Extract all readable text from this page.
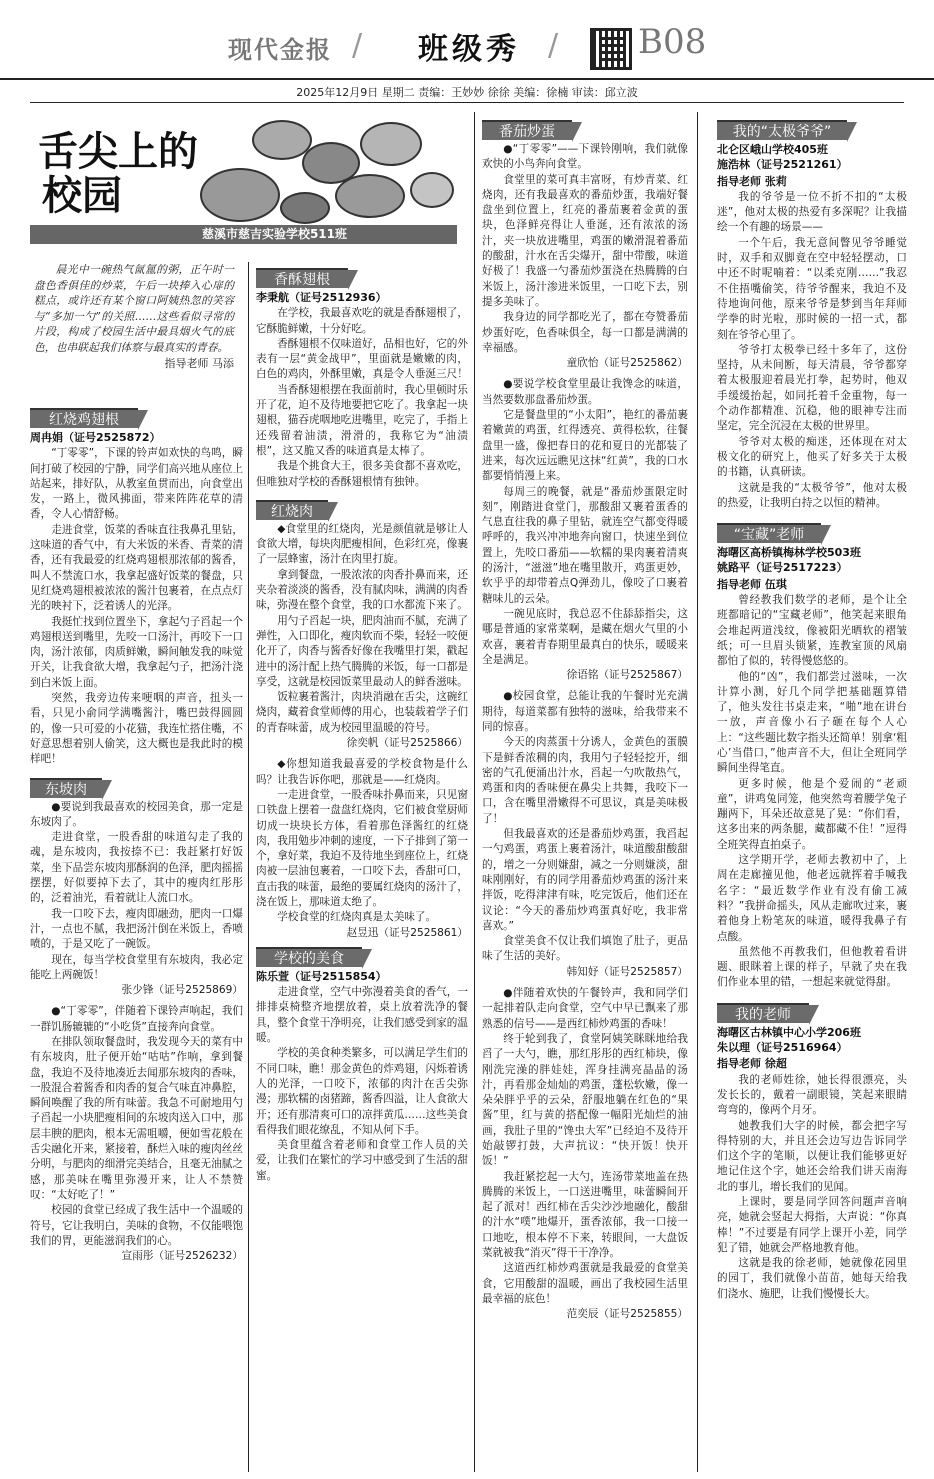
现代金报 / 班级秀 / B08
2025年12月9日 星期二 责编：王妙妙 徐徐 美编：徐楠 审读：邱立波
舌尖上的
校园
慈溪市慈吉实验学校511班
晨光中一碗热气氤氲的粥，正午时一盘色香俱佳的炒菜，午后一块捧入心扉的糕点，或许还有某个窗口阿姨热忽的笑容与“多加一勺”的关照……这些看似寻常的片段，构成了校园生活中最具烟火气的底色，也串联起我们体察与最真实的青春。
指导老师 马添
红烧鸡翅根
周冉娟（证号2525872）

“丁零零”，下课的铃声如欢快的鸟鸣，瞬间打破了校园的宁静，同学们高兴地从座位上站起来，排好队，从教室鱼贯而出，向食堂出发，一路上，微风拂面，带来阵阵花草的清香，令人心情舒畅。

走进食堂，饭菜的香味直往我鼻孔里钻，这味道的香气中，有大米饭的米香、青菜的清香，还有我最爱的红烧鸡翅根那浓郁的酱香，叫人不禁流口水，我拿起盛好饭菜的餐盘，只见红烧鸡翅根被浓浓的酱汁包裹着，在点点灯光的映衬下，泛着诱人的光泽。

我挺忙找到位置坐下，拿起勺子舀起一个鸡翅根送到嘴里，先咬一口汤汁，再咬下一口肉，汤汁浓郁，肉质鲜嫩，瞬间触发我的味觉开关，让我食欲大增，我拿起勺子，把汤汁浇到白米饭上面。

突然，我旁边传来哽咽的声音，扭头一看，只见小俞同学满嘴酱汁，嘴巴鼓得圆圆的，像一只可爱的小花猫，我连忙搭住嘴，不好意思想着别人偷笑，这大概也是我此时的模样吧！

东坡肉

●要说到我最喜欢的校园美食，那一定是东坡肉了。

走进食堂，一股香甜的味道勾走了我的魂，是东坡肉，我按捺不已：我赶紧打好饭菜，坐下品尝东坡肉那酥润的色泽，肥肉摇摇摆摆，好似要掉下去了，其中的瘦肉红彤彤的，泛着油光，看着就让人流口水。

我一口咬下去，瘦肉即融劲，肥肉一口爆汁，一点也不腻，我把汤汁倒在米饭上，香喷喷的，于是又吃了一碗饭。

现在，每当学校食堂里有东坡肉，我必定能吃上两碗饭！

张少锋（证号2525869）

●“丁零零”，伴随着下课铃声响起，我们一群饥肠辘辘的“小吃货”直接奔向食堂。

在排队领取餐盘时，我发现今天的菜有中有东坡肉，肚子便开始“咕咕”作响，拿到餐盘，我迫不及待地凑近去闻那东坡肉的香味，一股混合着酱香和肉香的复合气味直冲鼻腔，瞬间唤醒了我的所有味蕾。我急不可耐地用勺子舀起一小块肥瘦相间的东坡肉送入口中，那层丰腴的肥肉，根本无需咀嚼，便如雪花般在舌尖融化开来，紧接着，酥烂入味的瘦肉丝丝分明，与肥肉的细滑完美结合，且毫无油腻之感，那美味在嘴里弥漫开来，让人不禁赞叹：“太好吃了！”

校园的食堂已经成了我生活中一个温暖的符号，它让我明白，美味的食物，不仅能喂饱我们的胃，更能滋润我们的心。

宣雨彤（证号2526232）

香酥翅根
李秉航（证号2512936）

在学校，我最喜欢吃的就是香酥翅根了，它酥脆鲜嫩，十分好吃。

香酥翅根不仅味道好，品相也好，它的外表有一层“黄金战甲”，里面就是嫩嫩的肉，白色的鸡肉，外酥里嫩，真是令人垂涎三尺！

当香酥翅根摆在我面前时，我心里顿时乐开了花，迫不及待地要把它吃了。我拿起一块翅根，猫吞虎咽地吃进嘴里，吃完了，手指上还残留着油渍，滑滑的，我称它为“油渍根”，这又脆又香的味道真是太棒了。

我是个挑食大王，很多美食都不喜欢吃，但唯独对学校的香酥翅根情有独钟。

红烧肉

◆食堂里的红烧肉，光是颜值就是够让人食欲大增，每块肉肥瘦相间，色彩红亮，像裹了一层蜂蜜，汤汁在肉里打旋。

拿到餐盘，一股浓浓的肉香扑鼻而来，还夹杂着淡淡的酱香，没有腻肉味，满满的肉香味，弥漫在整个食堂，我的口水都流下来了。

用勺子舀起一块，肥肉油而不腻，充满了弹性，入口即化，瘦肉软而不柴，轻轻一咬便化开了，肉香与酱香好像在我嘴里打架，戳起进中的汤汁配上热气腾腾的米饭，每一口都是享受，这就是校园饭菜里最动人的鲜香滋味。

饭粒裹着酱汁，肉块消融在舌尖，这碗红烧肉，藏着食堂师傅的用心，也装载着学子们的青春味蕾，成为校园里温暖的符号。

徐奕帆（证号2525866）

◆你想知道我最喜爱的学校食物是什么吗？让我告诉你吧，那就是——红烧肉。

一走进食堂，一股香味扑鼻而来，只见窗口铁盘上摆着一盘盘红烧肉，它们被食堂厨师切成一块块长方体，看着那色泽酱红的红烧肉，我用勉步冲刺的速度，一下子排到了第一个，拿好菜，我迫不及待地坐到座位上，红烧肉被一层油包裹着，一口咬下去，香甜可口，直击我的味蕾，最绝的要属红烧肉的汤汁了，浇在饭上，那味道太绝了。

学校食堂的红烧肉真是太美味了。

赵昱迅（证号2525861）

学校的美食
陈乐萱（证号2515854）

走进食堂，空气中弥漫着美食的香气，一排排桌椅整齐地摆放着，桌上放着洗净的餐具，整个食堂干净明亮，让我们感受到家的温暖。

学校的美食种类繁多，可以满足学生们的不同口味，瞧！那金黄色的炸鸡翅，闪烁着诱人的光泽，一口咬下，浓郁的肉汁在舌尖弥漫；那软糯的卤猪蹄，酱香四溢，让人食欲大开；还有那清爽可口的凉拌黄瓜……这些美食看得我们眼花缭乱，不知从何下手。

美食里蕴含着老师和食堂工作人员的关爱，让我们在繁忙的学习中感受到了生活的甜蜜。

番茄炒蛋

●“丁零零”——下课铃刚响，我们就像欢快的小鸟奔向食堂。

食堂里的菜可真丰富呀，有炒青菜、红烧肉，还有我最喜欢的番茄炒蛋，我端好餐盘坐到位置上，红亮的番茄裹着金黄的蛋块，色泽鲜亮得让人垂涎，还有浓浓的汤汁，夹一块放进嘴里，鸡蛋的嫩滑混着番茄的酸甜，汁水在舌尖爆开，甜中带酸，味道好极了！我盛一勺番茄炒蛋浇在热腾腾的白米饭上，汤汁渗进米饭里，一口吃下去，别提多美味了。

我身边的同学都吃光了，都在夸赞番茄炒蛋好吃，色香味俱全，每一口都是满满的幸福感。

童欣怡（证号2525862）

●要说学校食堂里最让我馋念的味道，当然要数那盘番茄炒蛋。

它是餐盘里的“小太阳”，艳红的番茄裹着嫩黄的鸡蛋，红得透亮、黄得松软，往餐盘里一盛，像把春日的花和夏日的光都装了进来，每次远远瞧见这抹“红黄”，我的口水都要悄悄漫上来。

每周三的晚餐，就是“番茄炒蛋限定时刻”，刚踏进食堂门，那酸甜又裹着蛋香的气息直往我的鼻子里钻，就连空气都变得暖呼呼的，我兴冲冲地奔向窗口，快速坐到位置上，先咬口番茄——软糯的果肉裹着清爽的汤汁，“滋滋”地在嘴里散开，鸡蛋更妙，软乎乎的却带着点Q弹劲儿，像咬了口裹着糖味儿的云朵。

一碗见底时，我总忍不住舔舔指尖，这哪是普通的家常菜啊，是藏在烟火气里的小欢喜，裹着青春期里最真白的快乐，暖暖来全是满足。

徐语铭（证号2525867）

●校园食堂，总能让我的午餐时光充满期待，每道菜都有独特的滋味，给我带来不同的惊喜。

今天的肉蒸蛋十分诱人，金黄色的蛋膜下是鲜香浓稠的肉，我用勺子轻轻挖开，细密的气孔便涌出汁水，舀起一勺吹散热气，鸡蛋和肉的香味便在鼻尖上共舞，我咬下一口，含在嘴里滑嫩得不可思议，真是美味极了！

但我最喜欢的还是番茄炒鸡蛋，我舀起一勺鸡蛋，鸡蛋上裹着汤汁，味道酸甜酸甜的，增之一分则嫌甜，减之一分则嫌淡，甜味刚刚好，有的同学用番茄炒鸡蛋的汤汁来拌饭，吃得津津有味，吃完饭后，他们还在议论：“今天的番茄炒鸡蛋真好吃，我非常喜欢。”

食堂美食不仅让我们填饱了肚子，更品味了生活的美好。

韩知妤（证号2525857）

●伴随着欢快的午餐铃声，我和同学们一起排着队走向食堂，空气中早已飘来了那熟悉的信号——是西红柿炒鸡蛋的香味！

终于轮到我了，食堂阿姨笑眯眯地给我舀了一大勺，瞧，那红彤彤的西红柿块，像刚洗完澡的胖娃娃，浑身挂满亮晶晶的汤汁，再看那金灿灿的鸡蛋，蓬松软嫩，像一朵朵胖乎乎的云朵，舒服地躺在红色的“果酱”里，红与黄的搭配像一幅阳光灿烂的油画，我肚子里的“馋虫大军”已经迫不及待开始敲锣打鼓，大声抗议：“快开饭！快开饭！”

我赶紧挖起一大勺，连汤带菜地盖在热腾腾的米饭上，一口送进嘴里，味蕾瞬间开起了派对！西红柿在舌尖沙沙地融化，酸甜的汁水“噗”地爆开，蛋香浓郁，我一口接一口地吃，根本停不下来，转眼间，一大盘饭菜就被我“消灭”得干干净净。

这道西红柿炒鸡蛋就是我最爱的食堂美食，它用酸甜的温暖，画出了我校园生活里最幸福的底色！

范奕辰（证号2525855）

我的“太极爷爷”
北仑区峨山学校405班
施浩林（证号2521261）
指导老师 张莉

我的爷爷是一位不折不扣的“太极迷”，他对太极的热爱有多深呢？让我描绘一个有趣的场景——

一个午后，我无意间瞥见爷爷睡觉时，双手和双脚竟在空中轻轻摆动，口中还不时呢喃着：“以柔克刚……”我忍不住捂嘴偷笑，待爷爷醒来，我迫不及待地询问他，原来爷爷是梦到当年拜师学拳的时光啦，那时候的一招一式，都刻在爷爷心里了。

爷爷打太极拳已经十多年了，这份坚持，从未间断，每天清晨，爷爷都穿着太极服迎着晨光打拳，起势时，他双手缓缓抬起，如同托着千金重物，每一个动作都精准、沉稳，他的眼神专注而坚定，完全沉浸在太极的世界里。

爷爷对太极的痴迷，还体现在对太极文化的研究上，他买了好多关于太极的书籍，认真研读。

这就是我的“太极爷爷”，他对太极的热爱，让我明白持之以恒的精神。

“宝藏”老师
海曙区高桥镇梅林学校503班
姚路平（证号2517223）
指导老师 伍琪

曾经教我们数学的老师，是个让全班都暗记的“宝藏老师”，他笑起来眼角会堆起两道浅纹，像被阳光晒软的褶皱纸；可一旦眉头锁紧，连教室顶的风扇都怕了似的，转得慢悠悠的。

他的“凶”，我们都尝过滋味，一次计算小测，好几个同学把基础题算错了，他头发往书桌走来，“啪”地在讲台一放，声音像小石子砸在每个人心上：“这些题比数字指头还简单！别拿‘粗心’当借口，”他声音不大，但让全班同学瞬间坐得笔直。

更多时候，他是个爱闹的“老顽童”，讲鸡兔同笼，他突然弯着腰学兔子蹦两下，耳朵还故意晃了晃：“你们看，这多出来的两条腿，藏都藏不住！”逗得全班笑得直拍桌子。

这学期开学，老师去教初中了，上周在走廊撞见他，他老远就挥着手喊我名字：“最近数学作业有没有偷工减料？”我拼命摇头，风从走廊吹过来，裹着他身上粉笔灰的味道，暖得我鼻子有点酸。

虽然他不再教我们，但他教着看讲题、眼眯着上课的样子，早就了央在我们作业本里的错，一想起来就觉得甜。

我的老师
海曙区古林镇中心小学206班
朱以理（证号2516964）
指导老师 徐超

我的老师姓徐，她长得很漂亮，头发长长的，戴着一副眼镜，笑起来眼睛弯弯的，像两个月牙。

她教我们大字的时候，都会把字写得特别的大，并且还会边写边告诉同学们这个字的笔顺，以便让我们能够更好地记住这个字，她还会给我们讲天南海北的事儿，增长我们的见闻。

上课时，要是同学回答问题声音响亮，她就会竖起大拇指，大声说：“你真棒！”不过要是有同学上课开小差，同学犯了错，她就会严格地教育他。

这就是我的徐老师，她就像花园里的园丁，我们就像小苗苗，她每天给我们浇水、施肥，让我们慢慢长大。
